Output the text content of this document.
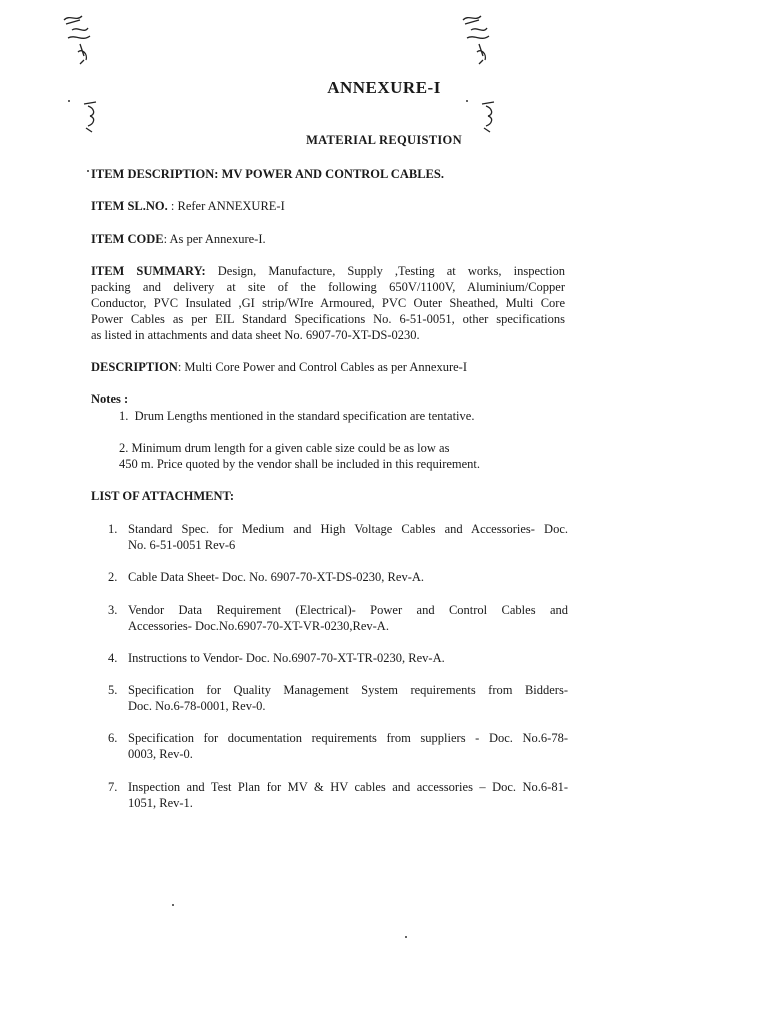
ANNEXURE-I
MATERIAL REQUISTION
ITEM DESCRIPTION: MV POWER AND CONTROL CABLES.
ITEM SL.NO. : Refer ANNEXURE-I
ITEM CODE: As per Annexure-I.
ITEM SUMMARY: Design, Manufacture, Supply ,Testing at works, inspection
packing and delivery at site of the following 650V/1100V, Aluminium/Copper
Conductor, PVC Insulated ,GI strip/WIre Armoured, PVC Outer Sheathed, Multi Core
Power Cables as per EIL Standard Specifications No. 6-51-0051, other specifications
as listed in attachments and data sheet No. 6907-70-XT-DS-0230.
DESCRIPTION: Multi Core Power and Control Cables as per Annexure-I
Notes :
1. Drum Lengths mentioned in the standard specification are tentative.
2. Minimum drum length for a given cable size could be as low as
450 m. Price quoted by the vendor shall be included in this requirement.
LIST OF ATTACHMENT:
1. Standard Spec. for Medium and High Voltage Cables and Accessories- Doc.
No. 6-51-0051 Rev-6
2. Cable Data Sheet- Doc. No. 6907-70-XT-DS-0230, Rev-A.
3. Vendor Data Requirement (Electrical)- Power and Control Cables and
Accessories- Doc.No.6907-70-XT-VR-0230,Rev-A.
4. Instructions to Vendor- Doc. No.6907-70-XT-TR-0230, Rev-A.
5. Specification for Quality Management System requirements from Bidders-
Doc. No.6-78-0001, Rev-0.
6. Specification for documentation requirements from suppliers - Doc. No.6-78-
0003, Rev-0.
7. Inspection and Test Plan for MV & HV cables and accessories – Doc. No.6-81-
1051, Rev-1.
